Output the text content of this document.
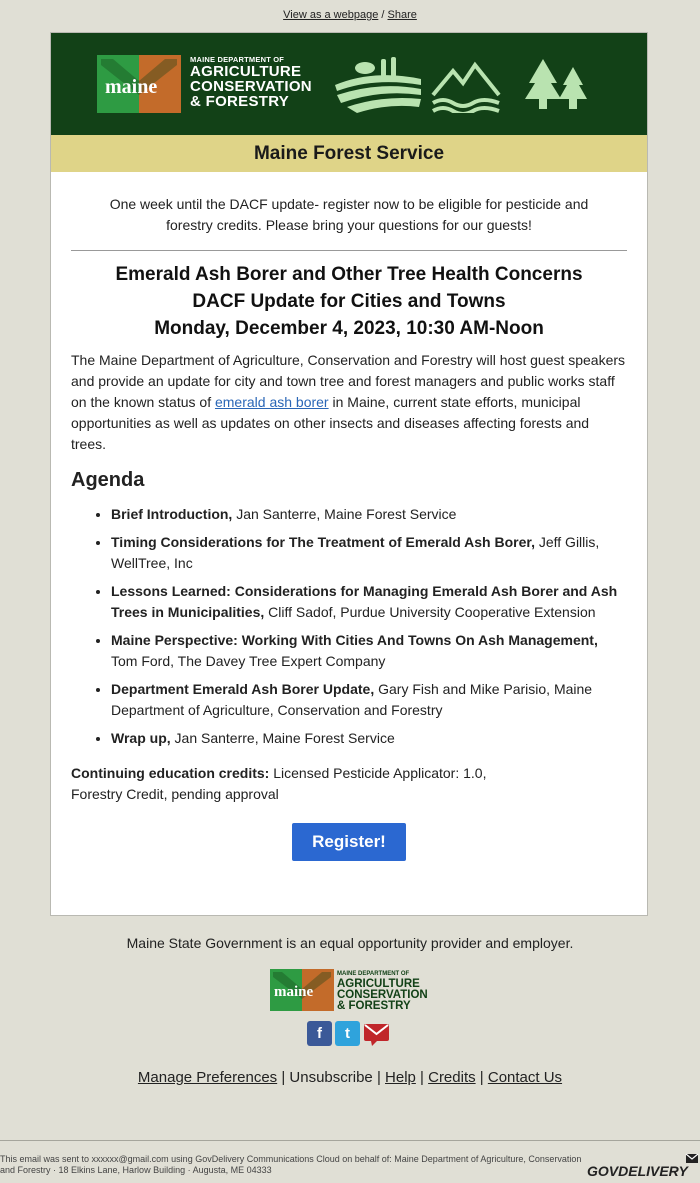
View as a webpage / Share
maine
MAINE DEPARTMENT OF
AGRICULTURE
CONSERVATION
& FORESTRY
Maine Forest Service
One week until the DACF update- register now to be eligible for pesticide and forestry credits. Please bring your questions for our guests!
Emerald Ash Borer and Other Tree Health Concerns
DACF Update for Cities and Towns
Monday, December 4, 2023, 10:30 AM-Noon
The Maine Department of Agriculture, Conservation and Forestry will host guest speakers and provide an update for city and town tree and forest managers and public works staff on the known status of emerald ash borer in Maine, current state efforts, municipal opportunities as well as updates on other insects and diseases affecting forests and trees.
Agenda
• Brief Introduction, Jan Santerre, Maine Forest Service
• Timing Considerations for The Treatment of Emerald Ash Borer, Jeff Gillis, WellTree, Inc
• Lessons Learned: Considerations for Managing Emerald Ash Borer and Ash Trees in Municipalities, Cliff Sadof, Purdue University Cooperative Extension
• Maine Perspective: Working With Cities And Towns On Ash Management, Tom Ford, The Davey Tree Expert Company
• Department Emerald Ash Borer Update, Gary Fish and Mike Parisio, Maine Department of Agriculture, Conservation and Forestry
• Wrap up, Jan Santerre, Maine Forest Service
Continuing education credits: Licensed Pesticide Applicator: 1.0,
Forestry Credit, pending approval
Register!
Maine State Government is an equal opportunity provider and employer.
maine
MAINE DEPARTMENT OF
AGRICULTURE
CONSERVATION
& FORESTRY
f	t
Manage Preferences | Unsubscribe | Help | Credits | Contact Us
This email was sent to xxxxxx@gmail.com using GovDelivery Communications Cloud on behalf of: Maine Department of Agriculture, Conservation and Forestry · 18 Elkins Lane, Harlow Building · Augusta, ME 04333	GOVDELIVERY
